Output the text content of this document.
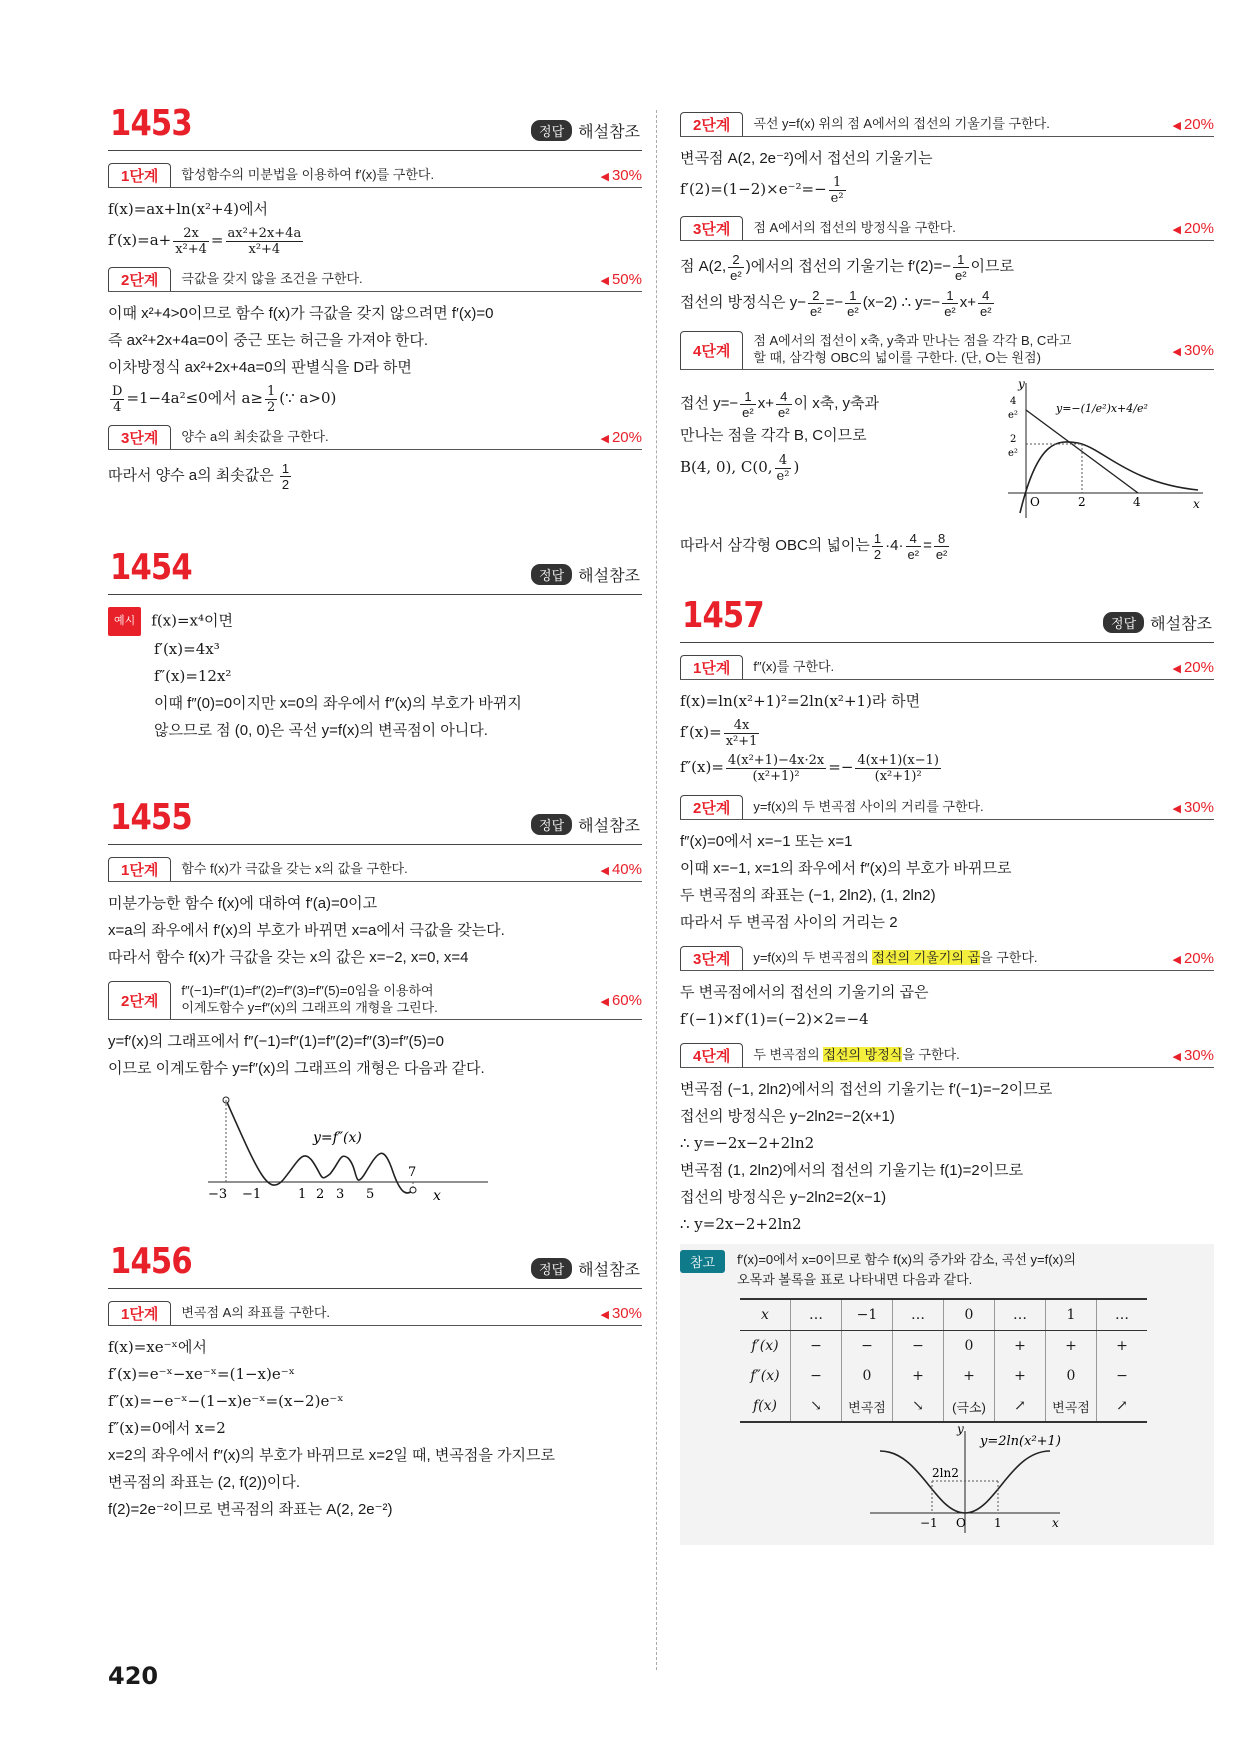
1453	정답 해설참조
1단계	합성함수의 미분법을 이용하여 f′(x)를 구한다.	◀ 30%
f(x)=ax+ln(x²+4)에서
$f'(x)=a+ \frac{2x}{\text{x²+4}} = \frac{\text{ax²+2x+4a}}{\text{x²+4}}$
2단계	극값을 갖지 않을 조건을 구한다.	◀ 50%
이때 x²+4>0이므로 함수 f(x)가 극값을 갖지 않으려면 f′(x)=0
즉 ax²+2x+4a=0이 중근 또는 허근을 가져야 한다.
이차방정식 ax²+2x+4a=0의 판별식을 D라 하면
$\frac{D}{4} =1-4a^2\le 0$에서 $a\ge \frac{1}{2}$ (∵ a>0)
3단계	양수 a의 최솟값을 구한다.	◀ 20%
따라서 양수 a의 최솟값은 $\frac{1}{2}$
1454	정답 해설참조
예시 f(x)=x⁴이면
f′(x)=4x³
f″(x)=12x²
이때 f″(0)=0이지만 x=0의 좌우에서 f″(x)의 부호가 바뀌지
않으므로 점 (0, 0)은 곡선 y=f(x)의 변곡점이 아니다.
1455	정답 해설참조
1단계	함수 f(x)가 극값을 갖는 x의 값을 구한다.	◀ 40%
미분가능한 함수 f(x)에 대하여 f′(a)=0이고
x=a의 좌우에서 f′(x)의 부호가 바뀌면 x=a에서 극값을 갖는다.
따라서 함수 f(x)가 극값을 갖는 x의 값은 x=−2, x=0, x=4
2단계
f″(−1)=f″(1)=f″(2)=f″(3)=f″(5)=0임을 이용하여
이계도함수 y=f″(x)의 그래프의 개형을 그린다.	◀ 60%
y=f′(x)의 그래프에서 f″(−1)=f″(1)=f″(2)=f″(3)=f″(5)=0
이므로 이계도함수 y=f″(x)의 그래프의 개형은 다음과 같다.
y=f″(x)
−3 −1	1 2 3 5
7
x
1456	정답 해설참조
1단계	변곡점 A의 좌표를 구한다.	◀ 30%
f(x)=xe⁻ˣ에서
f′(x)=e⁻ˣ−xe⁻ˣ=(1−x)e⁻ˣ
f″(x)=−e⁻ˣ−(1−x)e⁻ˣ=(x−2)e⁻ˣ
f″(x)=0에서 x=2
x=2의 좌우에서 f″(x)의 부호가 바뀌므로 x=2일 때, 변곡점을 가지므로
변곡점의 좌표는 (2, f(2))이다.
f(2)=2e⁻²이므로 변곡점의 좌표는 A(2, 2e⁻²)
2단계	곡선 y=f(x) 위의 점 A에서의 접선의 기울기를 구한다.	◀ 20%
변곡점 A(2, 2e⁻²)에서 접선의 기울기는
$f'(2)=(1-2)\times e^{-2}=- \frac{1}{\text{e²}}$
3단계	점 A에서의 접선의 방정식을 구한다.	◀ 20%
점 A(2, $\frac{2}{\text{e²}}$ )에서의 접선의 기울기는 $f'(2)=- \frac{1}{\text{e²}}$ 이므로
접선의 방정식은 $y- \frac{2}{\text{e²}} =- \frac{1}{\text{e²}} (x-2)$ ∴ $y=- \frac{1}{\text{e²}} x+ \frac{4}{\text{e²}}$
4단계
점 A에서의 접선이 x축, y축과 만나는 점을 각각 B, C라고
할 때, 삼각형 OBC의 넓이를 구한다. (단, O는 원점)	◀ 30%
접선 $y=- \frac{1}{\text{e²}} x+ \frac{4}{\text{e²}}$ 이 x축, y축과
만나는 점을 각각 B, C이므로
B(4, 0), C(0, $\frac{4}{\text{e²}}$ )
y
x
O	2	4
4
e²
2
e²
y=−(1/e²)x+4/e²
따라서 삼각형 OBC의 넓이는 $\frac{1}{2} \cdot 4\cdot \frac{4}{\text{e²}} = \frac{8}{\text{e²}}$
1457	정답 해설참조
1단계	f″(x)를 구한다.	◀ 20%
f(x)=ln(x²+1)²=2ln(x²+1)라 하면
$f'(x)= \frac{4x}{\text{x²+1}}$
$f''(x)= \frac{\text{4(x²+1)−4x·2x}}{\text{(x²+1)²}} =- \frac{4(x+1)(x-1)}{\text{(x²+1)²}}$
2단계	y=f(x)의 두 변곡점 사이의 거리를 구한다.	◀ 30%
f″(x)=0에서 x=−1 또는 x=1
이때 x=−1, x=1의 좌우에서 f″(x)의 부호가 바뀌므로
두 변곡점의 좌표는 (−1, 2ln2), (1, 2ln2)
따라서 두 변곡점 사이의 거리는 2
3단계	y=f(x)의 두 변곡점의 접선의 기울기의 곱을 구한다.	◀ 20%
두 변곡점에서의 접선의 기울기의 곱은
f′(−1)×f′(1)=(−2)×2=−4
4단계	두 변곡점의 접선의 방정식을 구한다.	◀ 30%
변곡점 (−1, 2ln2)에서의 접선의 기울기는 f′(−1)=−2이므로
접선의 방정식은 y−2ln2=−2(x+1)
∴ y=−2x−2+2ln2
변곡점 (1, 2ln2)에서의 접선의 기울기는 f(1)=2이므로
접선의 방정식은 y−2ln2=2(x−1)
∴ y=2x−2+2ln2
참고	f′(x)=0에서 x=0이므로 함수 f(x)의 증가와 감소, 곡선 y=f(x)의
오목과 볼록을 표로 나타내면 다음과 같다.
x	…	−1	…	0	…	1	…
f′(x)	−	−	−	0	+	+	+
f″(x)	−	0	+	+	+	0	−
f(x)	↘	변곡점	↘	(극소)	↗	변곡점	↗
y=2ln(x²+1)
2ln2
y
x
O
−1	1
420
